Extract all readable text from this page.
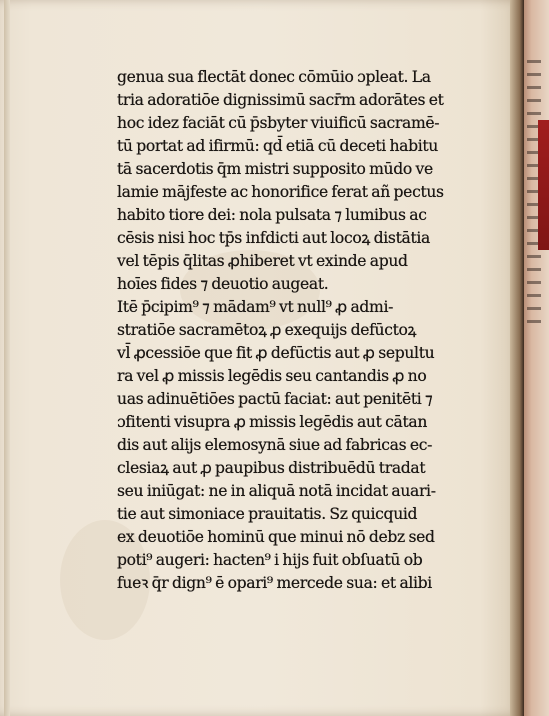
genua sua flectāt donec cōmūio ɔpleat. La
tria adoratiōe dignissimū sacr̄m adorātes et
hoc idez faciāt cū p̄sbyter viuificū sacramē-
tū portat ad ifirmū: qd̄ etiā cū deceti habitu
tā sacerdotis q̄m mistri supposito mūdo ve
lamie mājfeste ac honorifice ferat añ pectus
habito tiore dei: nola pulsata ⁊ lumibus ac
cēsis nisi hoc tp̄s infdicti aut locoꝝ distātia
vel tēpis q̄litas ꝓhiberet vt exinde apud
hoīes fides ⁊ deuotio augeat.
Itē p̄cipim⁹ ⁊ mādam⁹ vt null⁹ ꝓ admi-
stratiōe sacramētoꝝ ꝓ exequijs defūctoꝝ
vl̄ ꝓcessiōe que fit ꝓ defūctis aut ꝓ sepultu
ra vel ꝓ missis legēdis seu cantandis ꝓ no
uas adinuētiōes pactū faciat: aut penitēti ⁊
ɔfitenti visupra ꝓ missis legēdis aut cātan
dis aut alijs elemosynā siue ad fabricas ec-
clesiaꝝ aut ꝓ paupibus distribuēdū tradat
seu iniūgat: ne in aliquā notā incidat auari-
tie aut simoniace prauitatis. Sz quicquid
ex deuotiōe hominū que minui nō debz sed
poti⁹ augeri: hacten⁹ i hijs fuit obſuatū ob
fueꝛ q̄r dign⁹ ē opari⁹ mercede sua: et alibi
